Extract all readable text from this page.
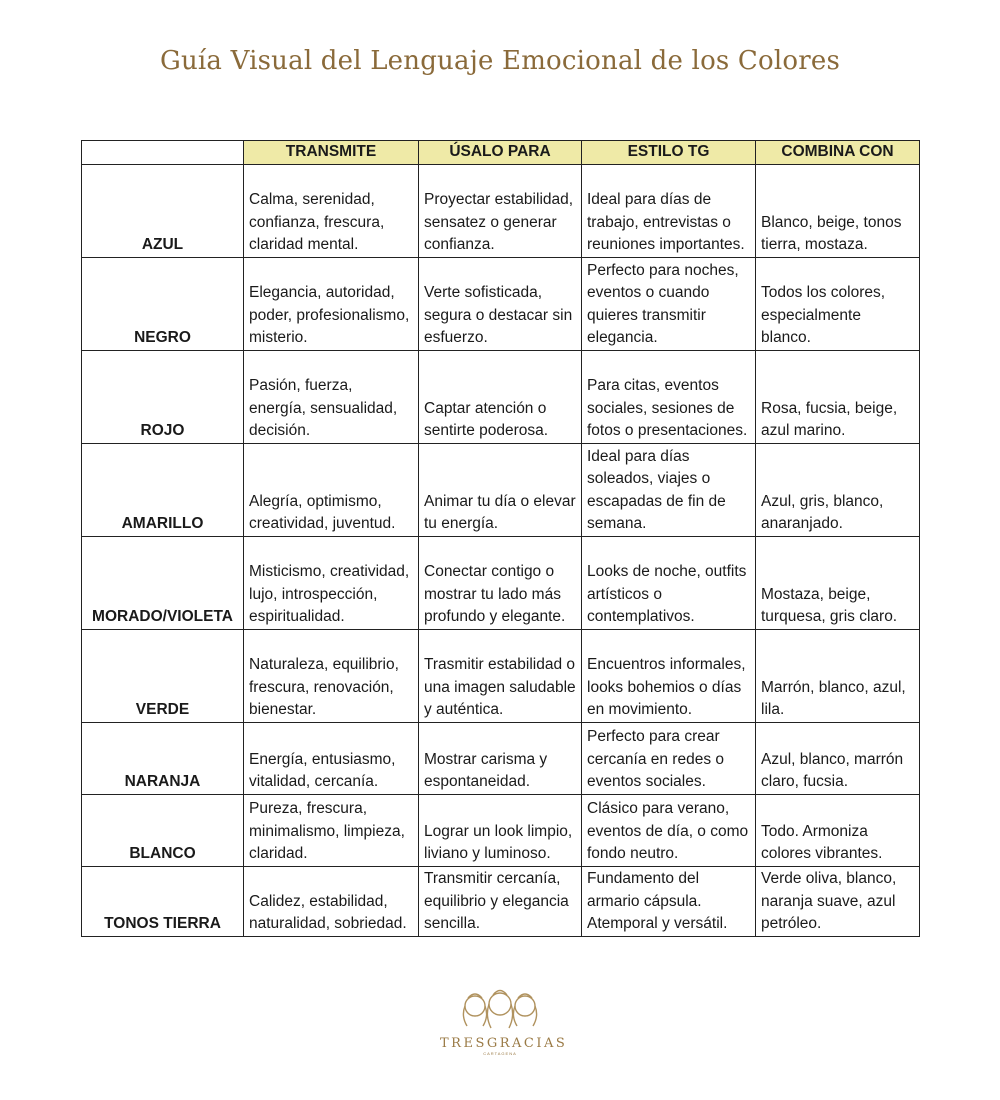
Guía Visual del Lenguaje Emocional de los Colores
	TRANSMITE	ÚSALO PARA	ESTILO TG	COMBINA CON
AZUL	Calma, serenidad, confianza, frescura, claridad mental.	Proyectar estabilidad, sensatez o generar confianza.	Ideal para días de trabajo, entrevistas o reuniones importantes.	Blanco, beige, tonos tierra, mostaza.
NEGRO	Elegancia, autoridad, poder, profesionalismo, misterio.	Verte sofisticada, segura o destacar sin esfuerzo.	Perfecto para noches, eventos o cuando quieres transmitir elegancia.	Todos los colores, especialmente blanco.
ROJO	Pasión, fuerza, energía, sensualidad, decisión.	Captar atención o sentirte poderosa.	Para citas, eventos sociales, sesiones de fotos o presentaciones.	Rosa, fucsia, beige, azul marino.
AMARILLO	Alegría, optimismo, creatividad, juventud.	Animar tu día o elevar tu energía.	Ideal para días soleados, viajes o escapadas de fin de semana.	Azul, gris, blanco, anaranjado.
MORADO/VIOLETA	Misticismo, creatividad, lujo, introspección, espiritualidad.	Conectar contigo o mostrar tu lado más profundo y elegante.	Looks de noche, outfits artísticos o contemplativos.	Mostaza, beige, turquesa, gris claro.
VERDE	Naturaleza, equilibrio, frescura, renovación, bienestar.	Trasmitir estabilidad o una imagen saludable y auténtica.	Encuentros informales, looks bohemios o días en movimiento.	Marrón, blanco, azul, lila.
NARANJA	Energía, entusiasmo, vitalidad, cercanía.	Mostrar carisma y espontaneidad.	Perfecto para crear cercanía en redes o eventos sociales.	Azul, blanco, marrón claro, fucsia.
BLANCO	Pureza, frescura, minimalismo, limpieza, claridad.	Lograr un look limpio, liviano y luminoso.	Clásico para verano, eventos de día, o como fondo neutro.	Todo. Armoniza colores vibrantes.
TONOS TIERRA	Calidez, estabilidad, naturalidad, sobriedad.	Transmitir cercanía, equilibrio y elegancia sencilla.	Fundamento del armario cápsula. Atemporal y versátil.	Verde oliva, blanco, naranja suave, azul petróleo.
TRESGRACIAS
CARTAGENA
